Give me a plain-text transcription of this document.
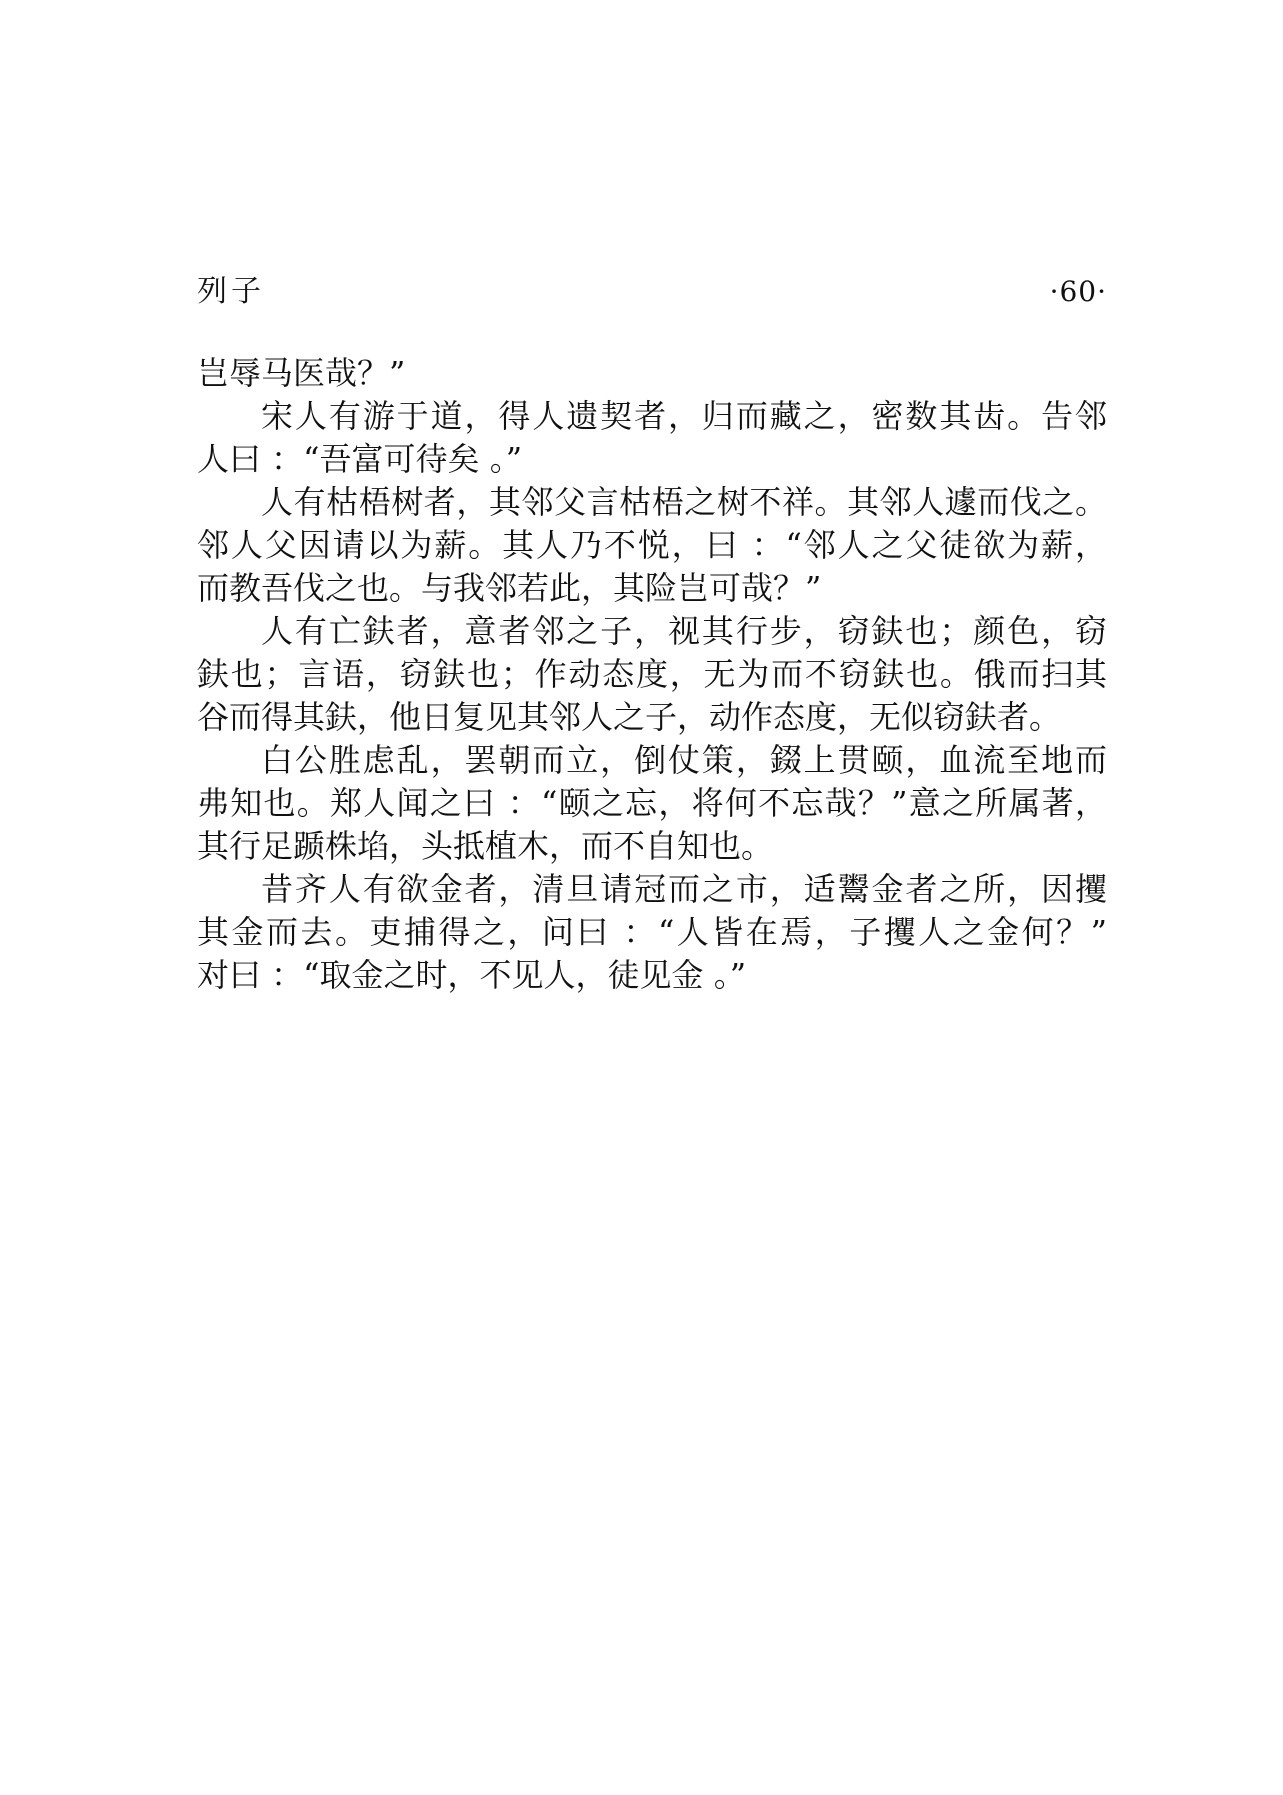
列子	·60·
岂辱马医哉？”
宋人有游于道，得人遗契者，归而藏之，密数其齿。告邻
人曰 ：“吾富可待矣 。”
人有枯梧树者，其邻父言枯梧之树不祥。其邻人遽而伐之。
邻人父因请以为薪。其人乃不悦，曰 ：“邻人之父徒欲为薪，
而教吾伐之也。与我邻若此，其险岂可哉？”
人有亡鈇者，意者邻之子，视其行步，窃鈇也；颜色，窃
鈇也；言语，窃鈇也；作动态度，无为而不窃鈇也。俄而扫其
谷而得其鈇，他日复见其邻人之子，动作态度，无似窃鈇者。
白公胜虑乱，罢朝而立，倒仗策，錣上贯颐，血流至地而
弗知也。郑人闻之曰 ：“颐之忘，将何不忘哉？”意之所属著，
其行足踬株埳，头抵植木，而不自知也。
昔齐人有欲金者，清旦请冠而之市，适鬻金者之所，因攫
其金而去。吏捕得之，问曰 ：“人皆在焉，子攫人之金何？”
对曰 ：“取金之时，不见人，徒见金 。”
